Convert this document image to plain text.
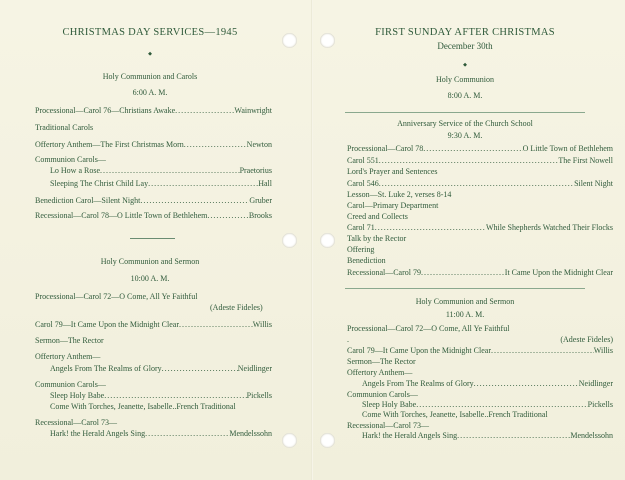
CHRISTMAS DAY SERVICES—1945
◆
Holy Communion and Carols
6:00 A. M.
Processional—Carol 76—Christians Awake .....	Wainwright
Traditional Carols
Offertory Anthem—The First Christmas Morn .....	Newton
Communion Carols—
Lo How a Rose .....	Praetorius
Sleeping The Christ Child Lay .....	Hall
Benediction Carol—Silent Night .....	Gruber
Recessional—Carol 78—O Little Town of Bethlehem .....	Brooks
Holy Communion and Sermon
10:00 A. M.
Processional—Carol 72—O Come, All Ye Faithful
(Adeste Fideles)
Carol 79—It Came Upon the Midnight Clear .....	Willis
Sermon—The Rector
Offertory Anthem—
Angels From The Realms of Glory .....	Neidlinger
Communion Carols—
Sleep Holy Babe .....	Pickells
Come With Torches, Jeanette, Isabelle..French Traditional
Recessional—Carol 73—
Hark! the Herald Angels Sing .....	Mendelssohn
FIRST SUNDAY AFTER CHRISTMAS
December 30th
◆
Holy Communion
8:00 A. M.
Anniversary Service of the Church School
9:30 A. M.
Processional—Carol 78 .....	O Little Town of Bethlehem
Carol 551 .....	The First Nowell
Lord's Prayer and Sentences
Carol 546 .....	Silent Night
Lesson—St. Luke 2, verses 8-14
Carol—Primary Department
Creed and Collects
Carol 71 .....	While Shepherds Watched Their Flocks
Talk by the Rector
Offering
Benediction
Recessional—Carol 79 .....	It Came Upon the Midnight Clear
Holy Communion and Sermon
11:00 A. M.
Processional—Carol 72—O Come, All Ye Faithful
.	(Adeste Fideles)
Carol 79—It Came Upon the Midnight Clear .....	Willis
Sermon—The Rector
Offertory Anthem—
Angels From The Realms of Glory .....	Neidlinger
Communion Carols—
Sleep Holy Babe .....	Pickells
Come With Torches, Jeanette, Isabelle..French Traditional
Recessional—Carol 73—
Hark! the Herald Angels Sing .....	Mendelssohn
